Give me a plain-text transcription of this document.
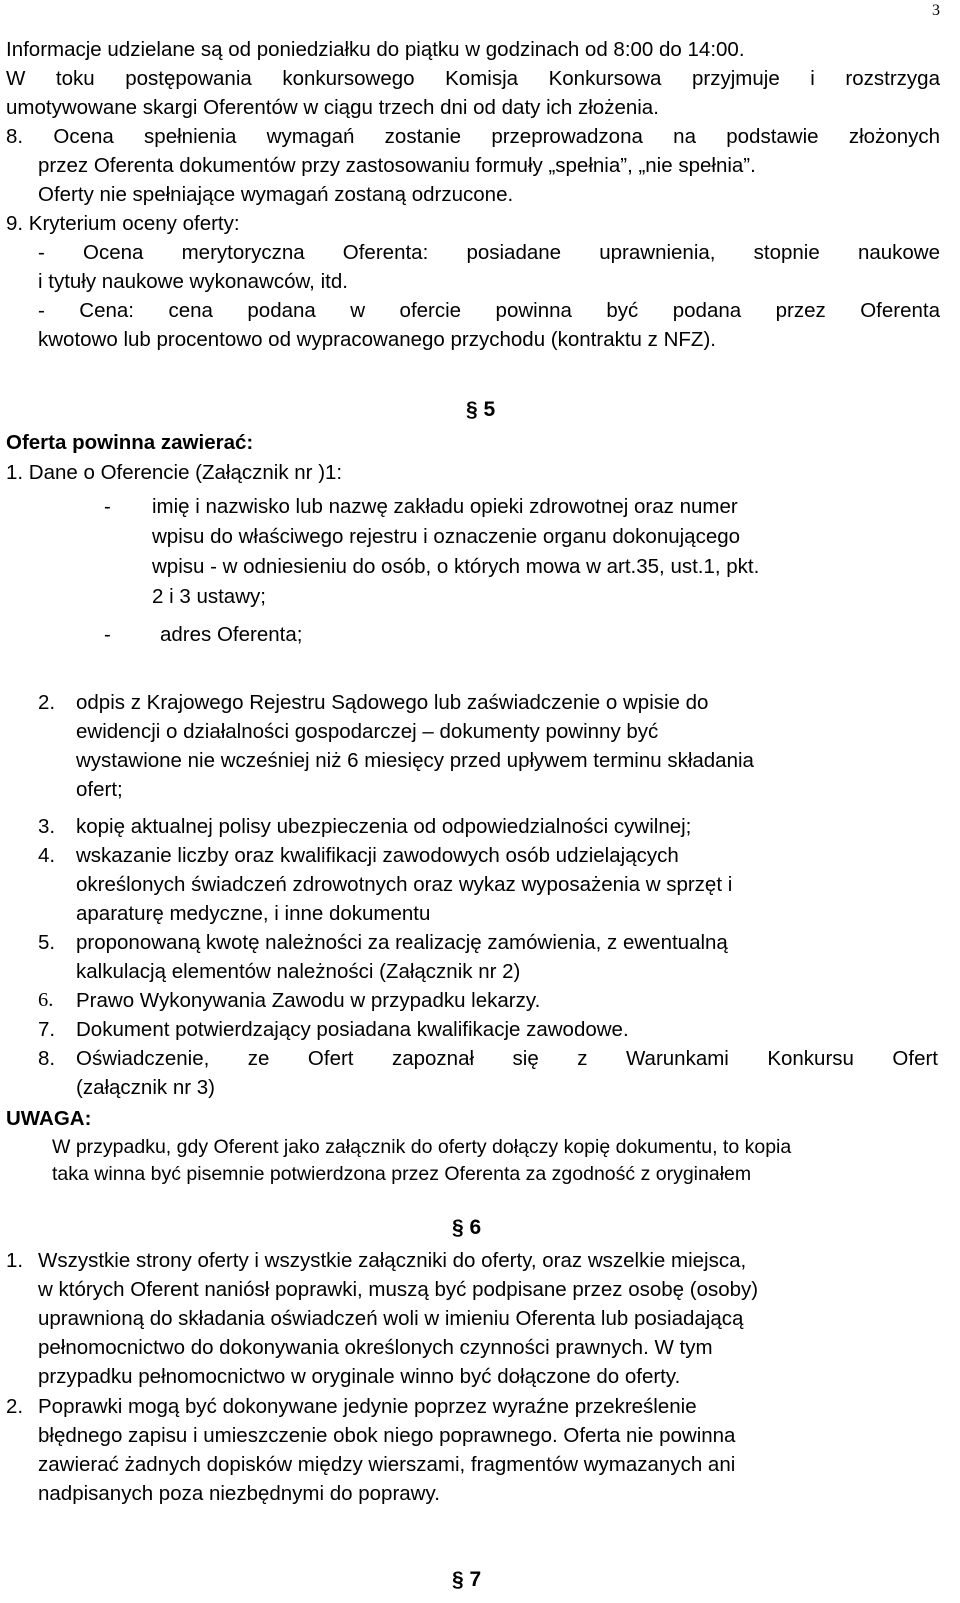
3
Informacje udzielane są od poniedziałku do piątku w godzinach od 8:00 do 14:00.
W toku postępowania konkursowego Komisja Konkursowa przyjmuje i rozstrzyga
umotywowane skargi Oferentów w ciągu trzech dni od daty ich złożenia.
8. Ocena spełnienia wymagań zostanie przeprowadzona na podstawie złożonych
przez Oferenta dokumentów przy zastosowaniu formuły „spełnia”, „nie spełnia”.
Oferty nie spełniające wymagań zostaną odrzucone.
9. Kryterium oceny oferty:
- Ocena merytoryczna Oferenta: posiadane uprawnienia, stopnie naukowe
i tytuły naukowe wykonawców, itd.
- Cena: cena podana w ofercie powinna być podana przez Oferenta
kwotowo lub procentowo od wypracowanego przychodu (kontraktu z NFZ).
§ 5
Oferta powinna zawierać:
1. Dane o Oferencie (Załącznik nr )1:
- imię i nazwisko lub nazwę zakładu opieki zdrowotnej oraz numer
wpisu do właściwego rejestru i oznaczenie organu dokonującego
wpisu - w odniesieniu do osób, o których mowa w art.35, ust.1, pkt.
2 i 3 ustawy;
- adres Oferenta;
2. odpis z Krajowego Rejestru Sądowego lub zaświadczenie o wpisie do
ewidencji o działalności gospodarczej – dokumenty powinny być
wystawione nie wcześniej niż 6 miesięcy przed upływem terminu składania
ofert;
3. kopię aktualnej polisy ubezpieczenia od odpowiedzialności cywilnej;
4. wskazanie liczby oraz kwalifikacji zawodowych osób udzielających
określonych świadczeń zdrowotnych oraz wykaz wyposażenia w sprzęt i
aparaturę medyczne, i inne dokumentu
5. proponowaną kwotę należności za realizację zamówienia, z ewentualną
kalkulacją elementów należności (Załącznik nr 2)
6. Prawo Wykonywania Zawodu w przypadku lekarzy.
7. Dokument potwierdzający posiadana kwalifikacje zawodowe.
8. Oświadczenie, ze Ofert zapoznał się z Warunkami Konkursu Ofert
(załącznik nr 3)
UWAGA:
W przypadku, gdy Oferent jako załącznik do oferty dołączy kopię dokumentu, to kopia
taka winna być pisemnie potwierdzona przez Oferenta za zgodność z oryginałem
§ 6
1. Wszystkie strony oferty i wszystkie załączniki do oferty, oraz wszelkie miejsca,
w których Oferent naniósł poprawki, muszą być podpisane przez osobę (osoby)
uprawnioną do składania oświadczeń woli w imieniu Oferenta lub posiadającą
pełnomocnictwo do dokonywania określonych czynności prawnych. W tym
przypadku pełnomocnictwo w oryginale winno być dołączone do oferty.
2. Poprawki mogą być dokonywane jedynie poprzez wyraźne przekreślenie
błędnego zapisu i umieszczenie obok niego poprawnego. Oferta nie powinna
zawierać żadnych dopisków między wierszami, fragmentów wymazanych ani
nadpisanych poza niezbędnymi do poprawy.
§ 7
